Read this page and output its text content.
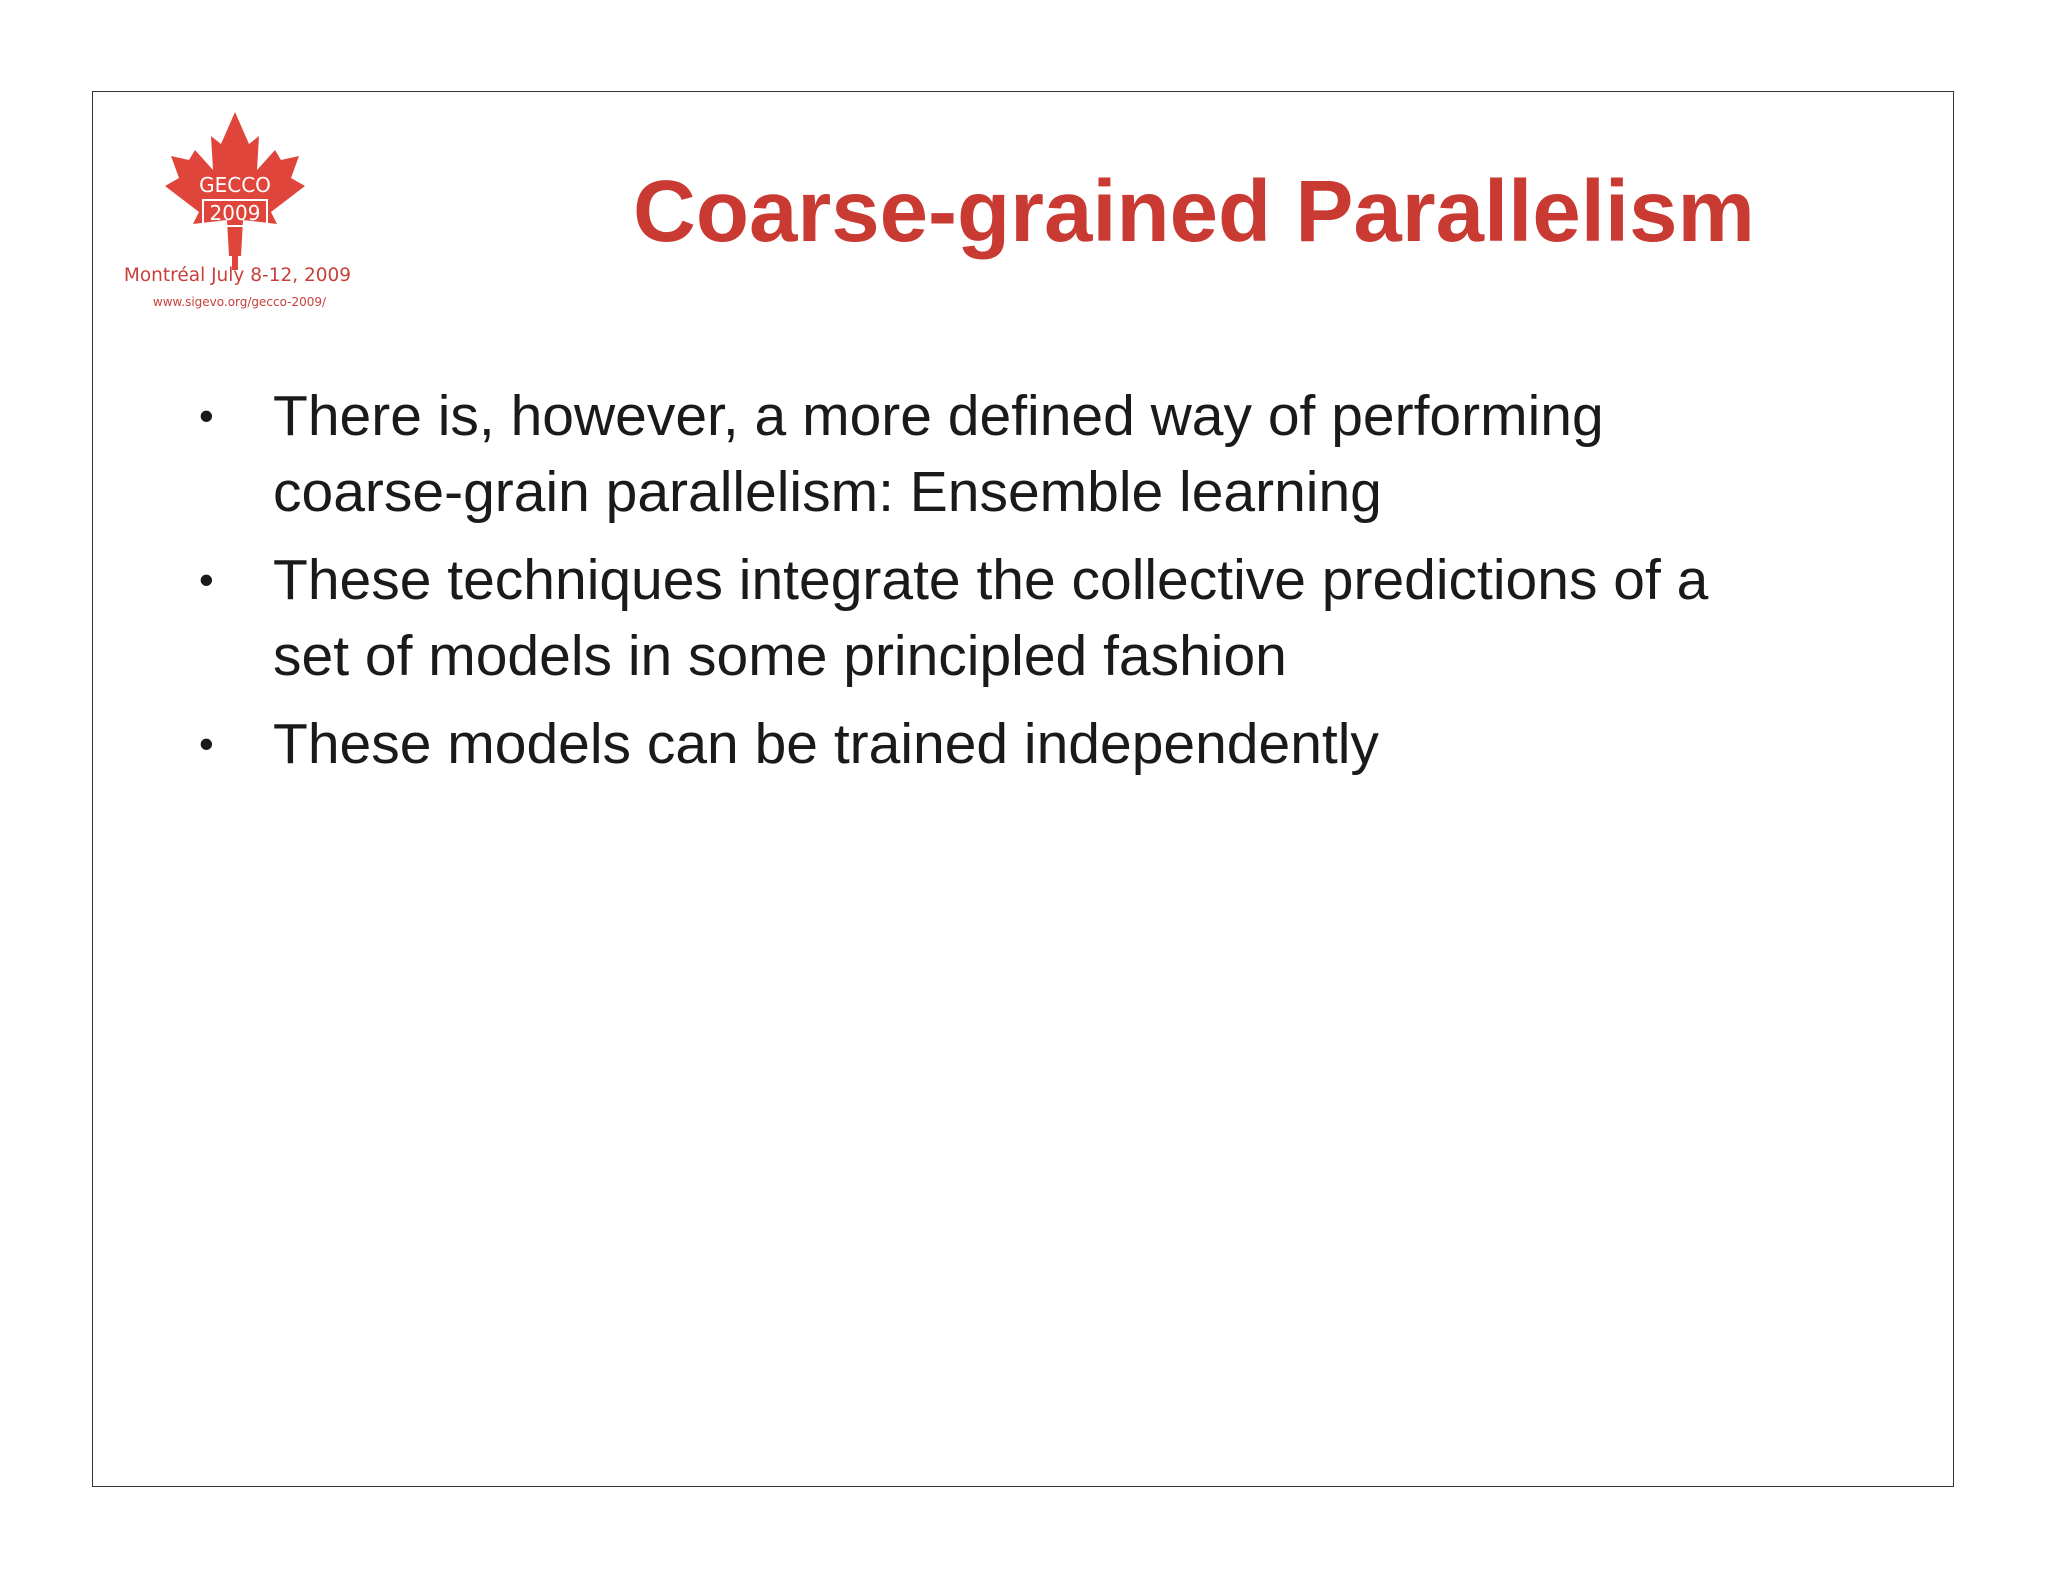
GECCO
2009
Montréal July 8-12, 2009
www.sigevo.org/gecco-2009/
Coarse-grained Parallelism
• There is, however, a more defined way of performing coarse-grain parallelism: Ensemble learning
• These techniques integrate the collective predictions of a set of models in some principled fashion
• These models can be trained independently
